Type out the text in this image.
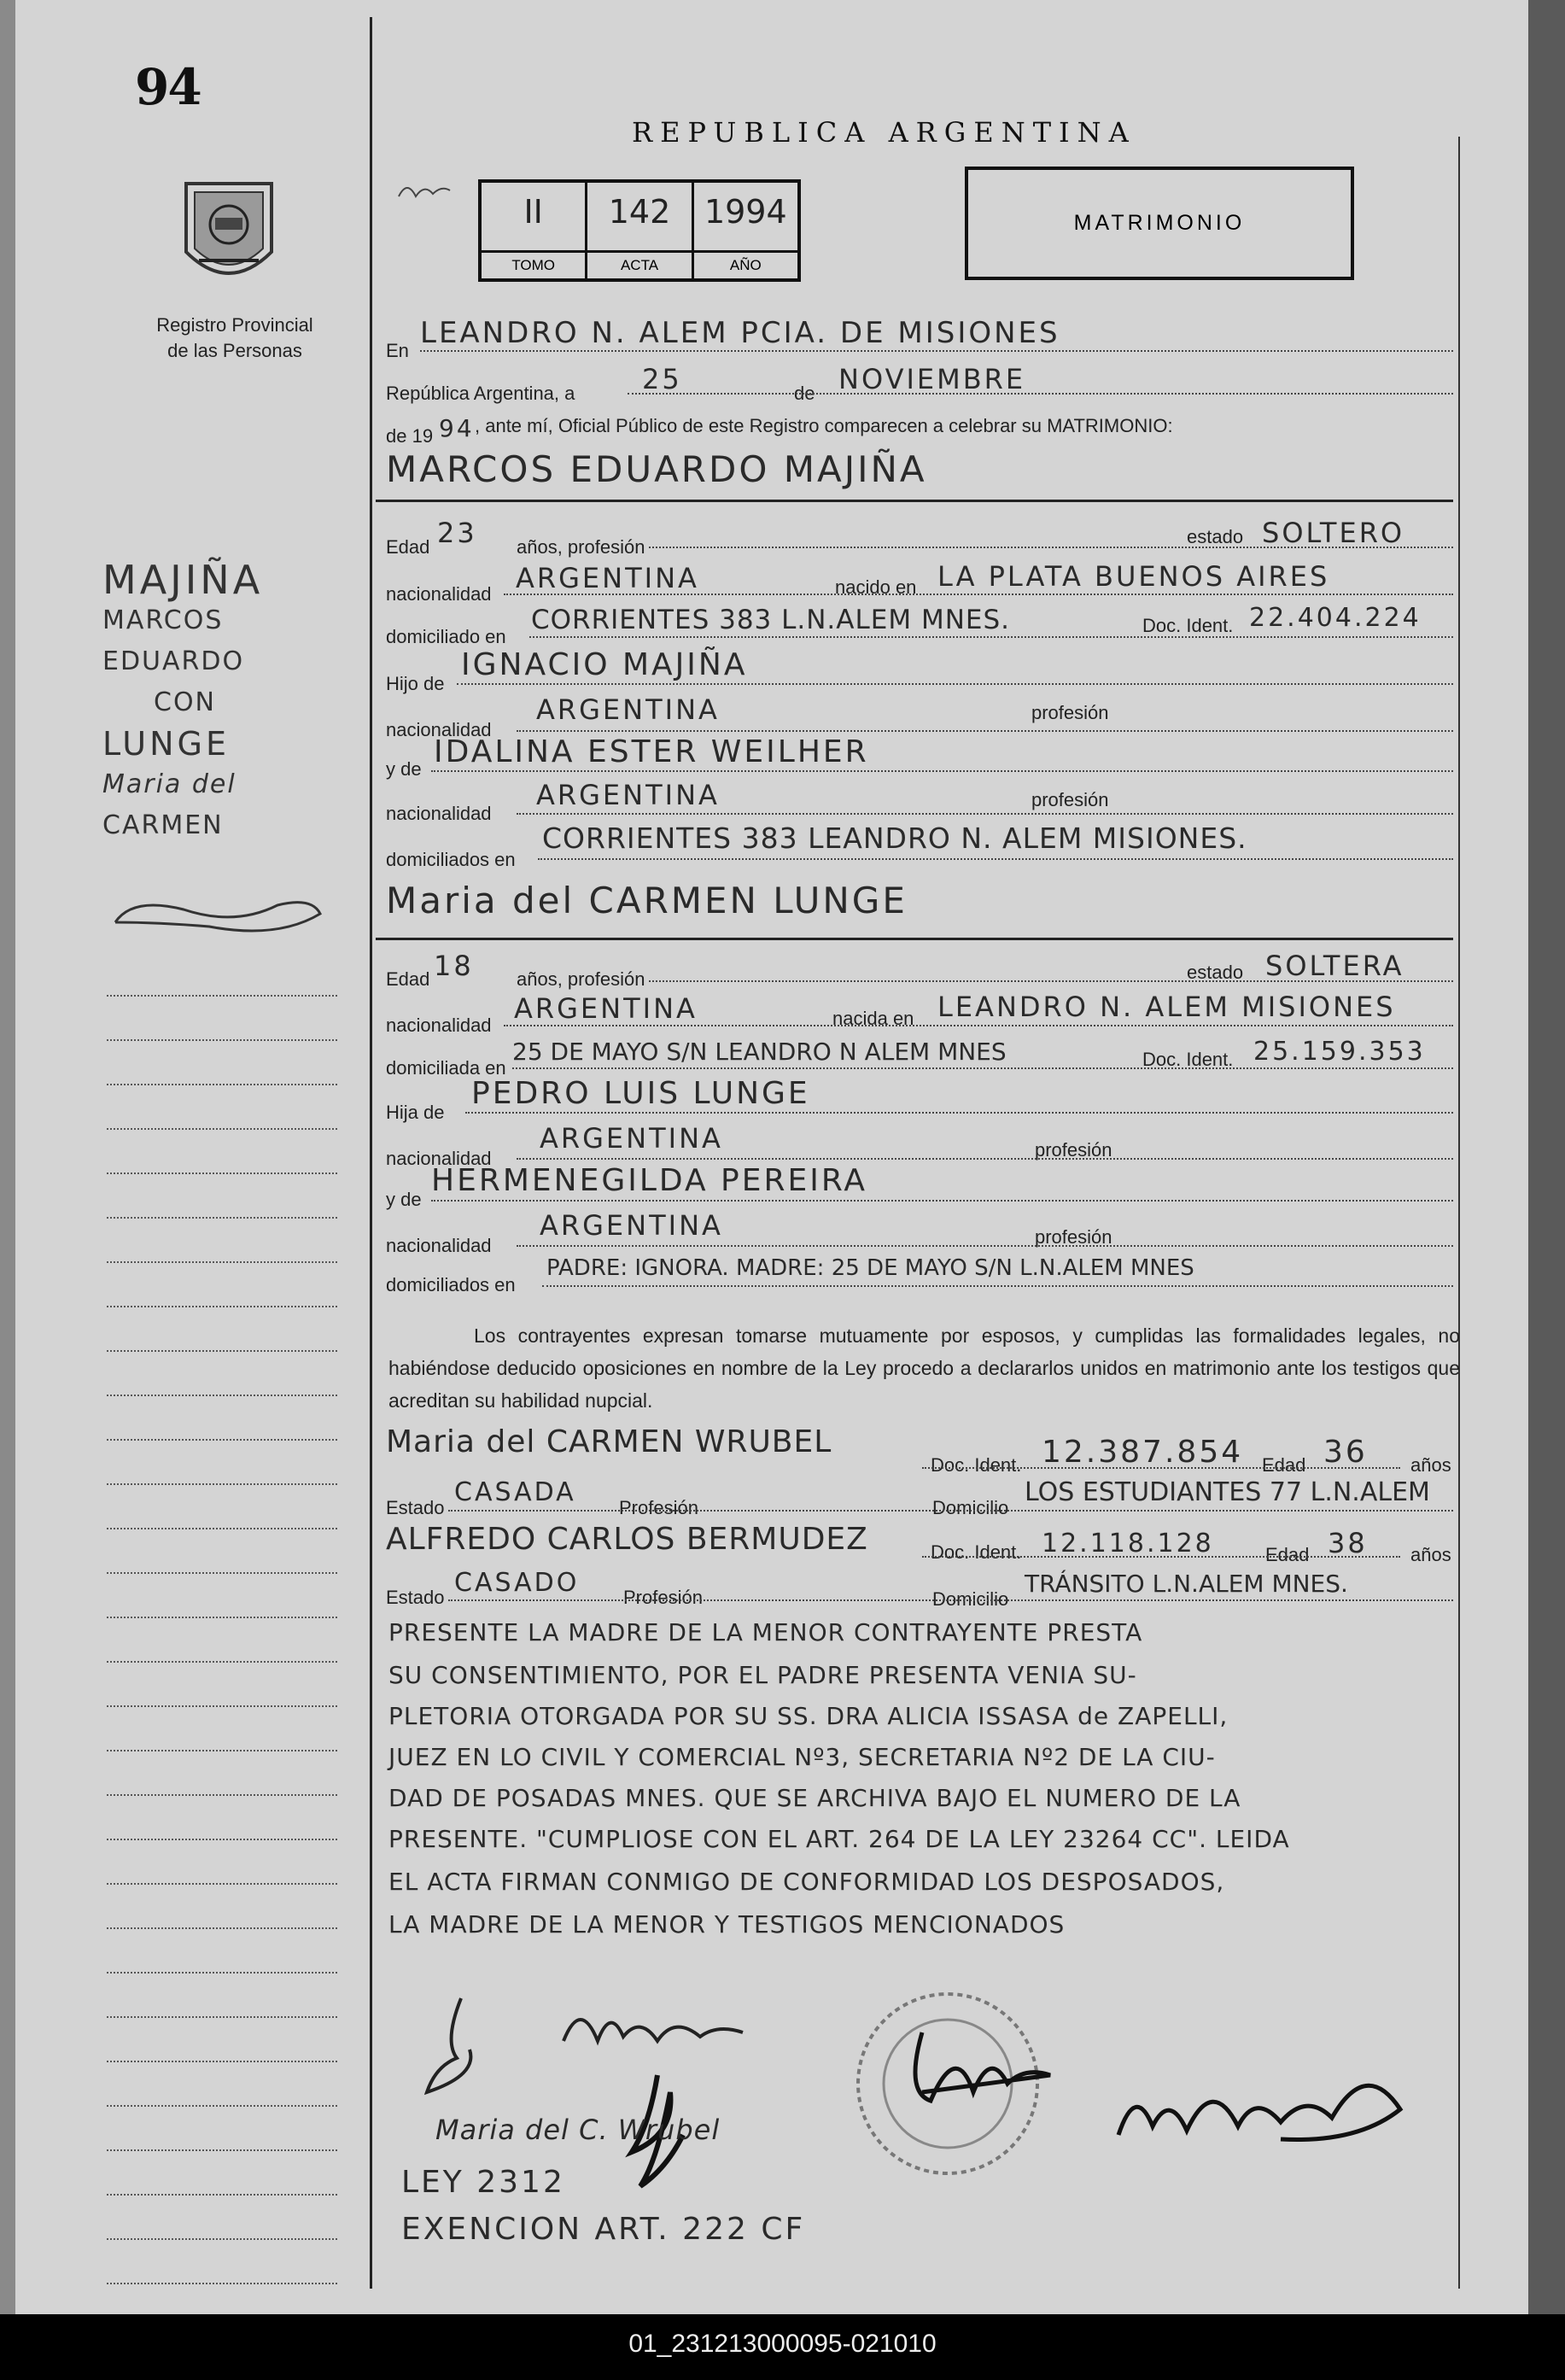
94
Registro Provincial
de las Personas
MAJIÑA
MARCOS
EDUARDO
CON
LUNGE
Maria del
CARMEN
REPUBLICA ARGENTINA
II
TOMO
142
ACTA
1994
AÑO
MATRIMONIO
En
LEANDRO N. ALEM PCIA. DE MISIONES
República Argentina, a 25	de NOVIEMBRE
de 19 94 , ante mí, Oficial Público de este Registro comparecen a celebrar su MATRIMONIO:
MARCOS EDUARDO MAJIÑA
Edad 23 años, profesión	estado SOLTERO
nacionalidad ARGENTINA	nacido en LA PLATA BUENOS AIRES
domiciliado en
CORRIENTES 383 L.N.ALEM MNES.	Doc. Ident. 22.404.224
Hijo de
IGNACIO MAJIÑA
nacionalidad
ARGENTINA	profesión
y de IDALINA ESTER WEILHER
nacionalidad
ARGENTINA	profesión
domiciliados en
CORRIENTES 383 LEANDRO N. ALEM MISIONES.
Maria del CARMEN LUNGE
Edad 18 años, profesión	estado SOLTERA
nacionalidad
ARGENTINA	nacida en LEANDRO N. ALEM MISIONES
domiciliada en
25 DE MAYO S/N LEANDRO N ALEM MNES	Doc. Ident. 25.159.353
Hija de
PEDRO LUIS LUNGE
nacionalidad
ARGENTINA	profesión
y de
HERMENEGILDA PEREIRA
nacionalidad
ARGENTINA	profesión
domiciliados en
PADRE: IGNORA. MADRE: 25 DE MAYO S/N L.N.ALEM MNES
Los contrayentes expresan tomarse mutuamente por esposos, y cumplidas las formalidades legales, no habiéndose deducido oposiciones en nombre de la Ley procedo a declararlos unidos en matrimonio ante los testigos que acreditan su habilidad nupcial.
Maria del CARMEN WRUBEL
Doc. Ident. 12.387.854 Edad 36 años
Estado
CASADA
Profesión	Domicilio
LOS ESTUDIANTES 77 L.N.ALEM
ALFREDO CARLOS BERMUDEZ	Doc. Ident. 12.118.128	Edad 38 años
Estado CASADO Profesión	Domicilio
TRÁNSITO L.N.ALEM MNES.
PRESENTE LA MADRE DE LA MENOR CONTRAYENTE PRESTA
SU CONSENTIMIENTO, POR EL PADRE PRESENTA VENIA SU-
PLETORIA OTORGADA POR SU SS. DRA ALICIA ISSASA de ZAPELLI,
JUEZ EN LO CIVIL Y COMERCIAL Nº3, SECRETARIA Nº2 DE LA CIU-
DAD DE POSADAS MNES. QUE SE ARCHIVA BAJO EL NUMERO DE LA
PRESENTE. "CUMPLIOSE CON EL ART. 264 DE LA LEY 23264 CC". LEIDA
EL ACTA FIRMAN CONMIGO DE CONFORMIDAD LOS DESPOSADOS,
LA MADRE DE LA MENOR Y TESTIGOS MENCIONADOS
Maria del C. Wrubel
LEY 2312
EXENCION ART. 222 CF
01_231213000095-021010
